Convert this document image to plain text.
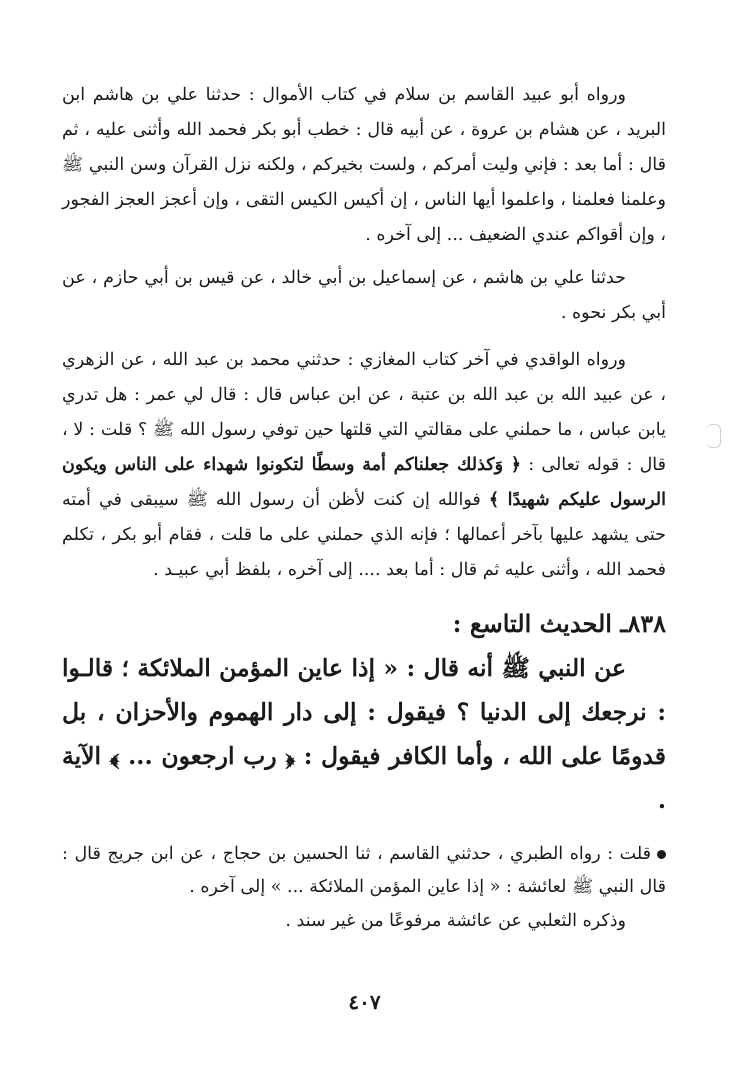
ورواه أبو عبيد القاسم بن سلام في كتاب الأموال : حدثنا علي بن هاشم ابن البريد ، عن هشام بن عروة ، عن أبيه قال : خطب أبو بكر فحمد الله وأثنى عليه ، ثم قال : أما بعد : فإني وليت أمركم ، ولست بخيركم ، ولكنه نزل القرآن وسن النبي ﷺ وعلمنا فعلمنا ، واعلموا أيها الناس ، إن أكيس الكيس التقى ، وإن أعجز العجز الفجور ، وإن أقواكم عندي الضعيف ... إلى آخره .

حدثنا علي بن هاشم ، عن إسماعيل بن أبي خالد ، عن قيس بن أبي حازم ، عن أبي بكر نحوه .

ورواه الواقدي في آخر كتاب المغازي : حدثني محمد بن عبد الله ، عن الزهري ، عن عبيد الله بن عبد الله بن عتبة ، عن ابن عباس قال : قال لي عمر : هل تدري يابن عباس ، ما حملني على مقالتي التي قلتها حين توفي رسول الله ﷺ ؟ قلت : لا ، قال : قوله تعالى : ﴿ وَكذلك جعلناكم أمة وسطًا لتكونوا شهداء على الناس ويكون الرسول عليكم شهيدًا ﴾ فوالله إن كنت لأظن أن رسول الله ﷺ سيبقى في أمته حتى يشهد عليها بآخر أعمالها ؛ فإنه الذي حملني على ما قلت ، فقام أبو بكر ، تكلم فحمد الله ، وأثنى عليه ثم قال : أما بعد .... إلى آخره ، بلفظ أبي عبيـد .

٨٣٨ـ الحديث التاسع :

عن النبي ﷺ أنه قال : « إذا عاين المؤمن الملائكة ؛ قالـوا : نرجعك إلى الدنيا ؟ فيقول : إلى دار الهموم والأحزان ، بل قدومًا على الله ، وأما الكافر فيقول : ﴿ رب ارجعون ... ﴾ الآية .

قلت : رواه الطبري ، حدثني القاسم ، ثنا الحسين بن حجاج ، عن ابن جريج قال : قال النبي ﷺ لعائشة : « إذا عاين المؤمن الملائكة ... » إلى آخره .

وذكره الثعلبي عن عائشة مرفوعًا من غير سند .

٤٠٧
